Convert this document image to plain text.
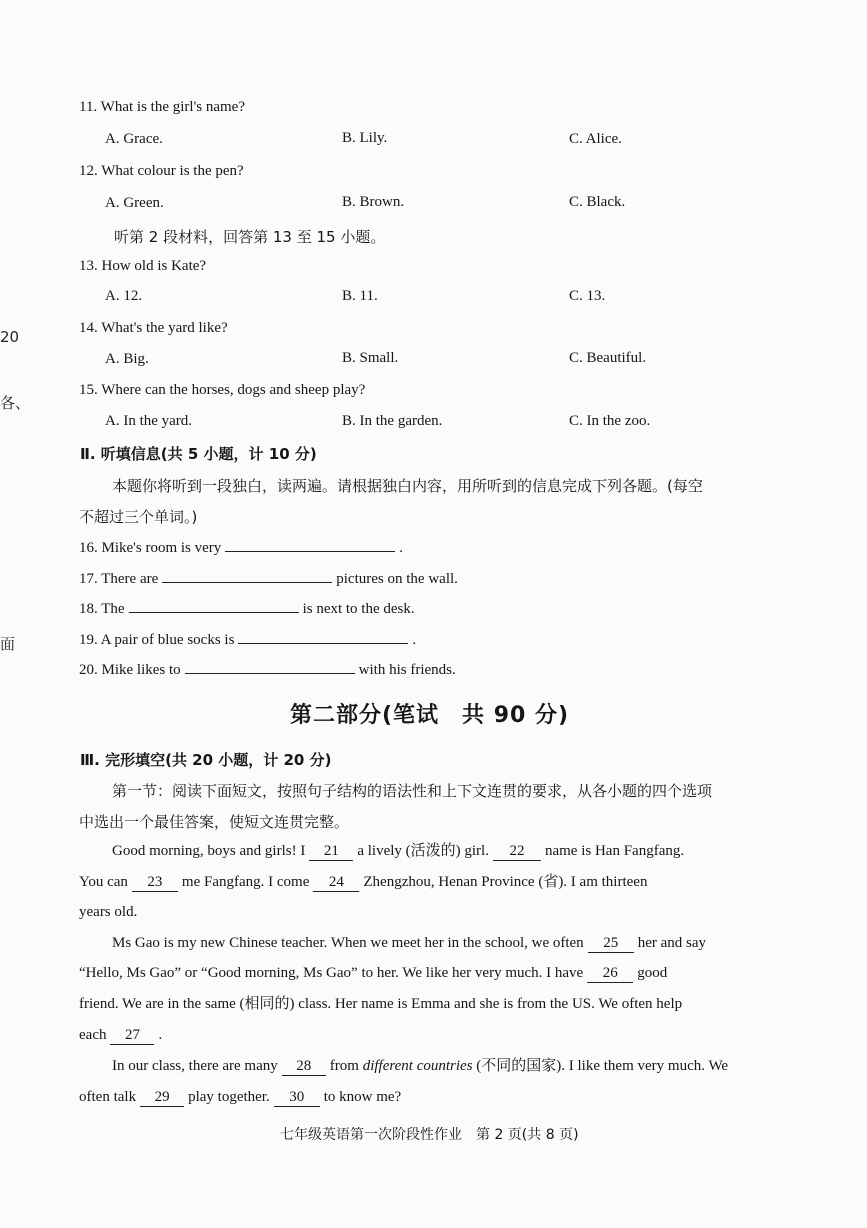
20
各、
面
11. What is the girl's name?
A. Grace.	B. Lily.	C. Alice.
12. What colour is the pen?
A. Green.	B. Brown.	C. Black.
听第 2 段材料，回答第 13 至 15 小题。
13. How old is Kate?
A. 12.	B. 11.	C. 13.
14. What's the yard like?
A. Big.	B. Small.	C. Beautiful.
15. Where can the horses, dogs and sheep play?
A. In the yard.	B. In the garden.	C. In the zoo.
Ⅱ. 听填信息(共 5 小题，计 10 分)
本题你将听到一段独白，读两遍。请根据独白内容，用所听到的信息完成下列各题。(每空
不超过三个单词。)
16. Mike's room is very	.
17. There are	pictures on the wall.
18. The	is next to the desk.
19. A pair of blue socks is	.
20. Mike likes to	with his friends.
第二部分(笔试　共 90 分)
Ⅲ. 完形填空(共 20 小题，计 20 分)
第一节：阅读下面短文，按照句子结构的语法性和上下文连贯的要求，从各小题的四个选项
中选出一个最佳答案，使短文连贯完整。
Good morning, boys and girls! I 21 a lively (活泼的) girl. 22 name is Han Fangfang.
You can 23 me Fangfang. I come 24 Zhengzhou, Henan Province (省). I am thirteen
years old.
Ms Gao is my new Chinese teacher. When we meet her in the school, we often 25 her and say
“Hello, Ms Gao” or “Good morning, Ms Gao” to her. We like her very much. I have 26 good
friend. We are in the same (相同的) class. Her name is Emma and she is from the US. We often help
each 27 .
In our class, there are many 28 from different countries (不同的国家). I like them very much. We
often talk 29 play together. 30 to know me?
七年级英语第一次阶段性作业　第 2 页(共 8 页)
